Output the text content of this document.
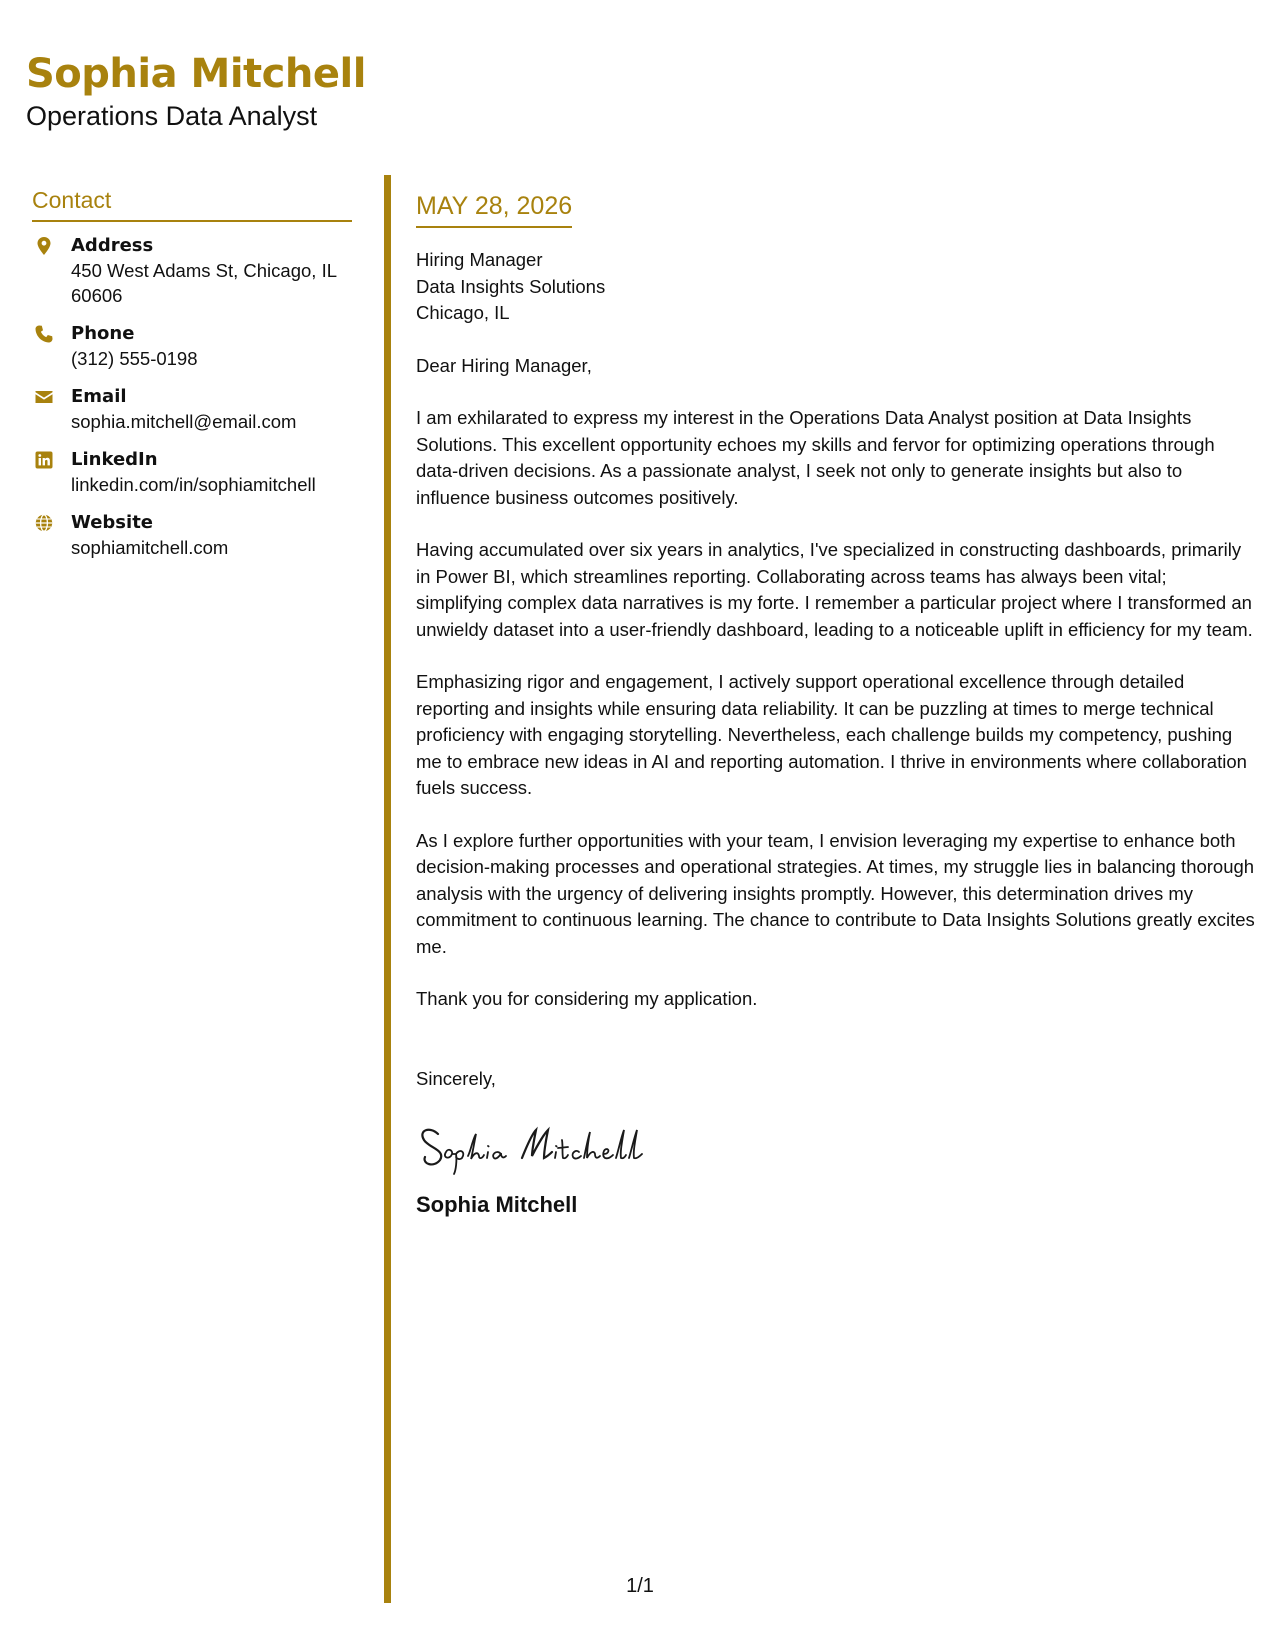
Sophia Mitchell
Operations Data Analyst
Contact
Address
450 West Adams St, Chicago, IL 60606
Phone
(312) 555-0198
Email
sophia.mitchell@email.com
LinkedIn
linkedin.com/in/sophiamitchell
Website
sophiamitchell.com
MAY 28, 2026
Hiring Manager
Data Insights Solutions
Chicago, IL
Dear Hiring Manager,
I am exhilarated to express my interest in the Operations Data Analyst position at Data Insights Solutions. This excellent opportunity echoes my skills and fervor for optimizing operations through data-driven decisions. As a passionate analyst, I seek not only to generate insights but also to influence business outcomes positively.
Having accumulated over six years in analytics, I've specialized in constructing dashboards, primarily in Power BI, which streamlines reporting. Collaborating across teams has always been vital; simplifying complex data narratives is my forte. I remember a particular project where I transformed an unwieldy dataset into a user-friendly dashboard, leading to a noticeable uplift in efficiency for my team.
Emphasizing rigor and engagement, I actively support operational excellence through detailed reporting and insights while ensuring data reliability. It can be puzzling at times to merge technical proficiency with engaging storytelling. Nevertheless, each challenge builds my competency, pushing me to embrace new ideas in AI and reporting automation. I thrive in environments where collaboration fuels success.
As I explore further opportunities with your team, I envision leveraging my expertise to enhance both decision-making processes and operational strategies. At times, my struggle lies in balancing thorough analysis with the urgency of delivering insights promptly. However, this determination drives my commitment to continuous learning. The chance to contribute to Data Insights Solutions greatly excites me.
Thank you for considering my application.
Sincerely,
Sophia Mitchell
1/1
